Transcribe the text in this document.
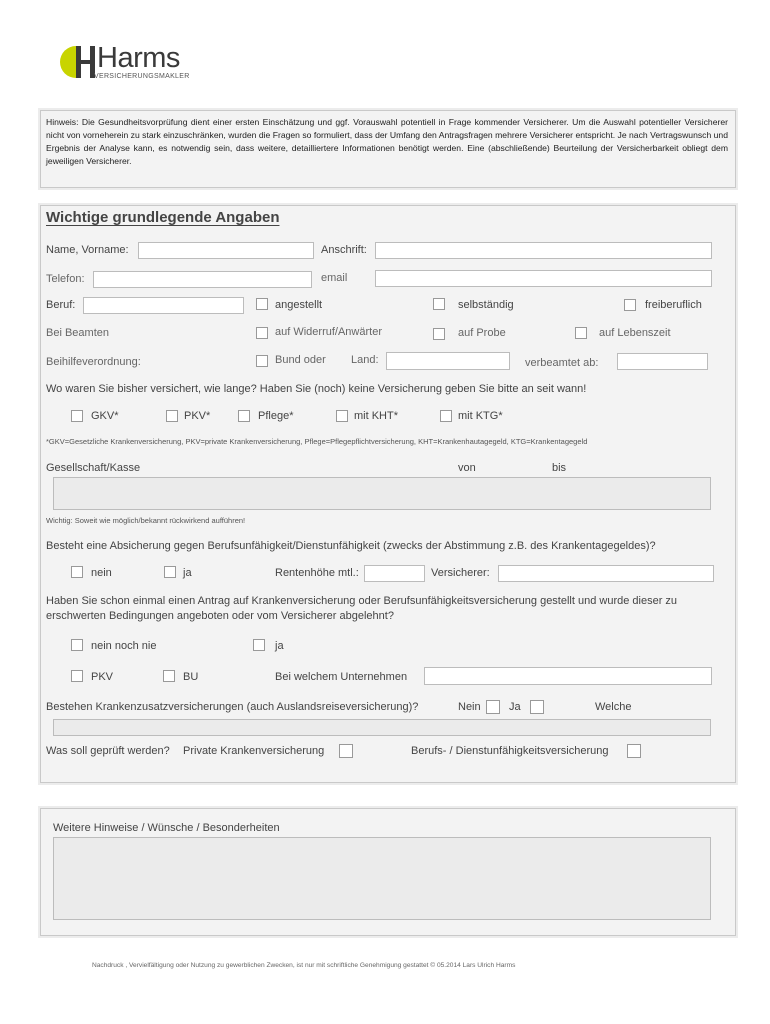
Harms
VERSICHERUNGSMAKLER
Hinweis: Die Gesundheitsvorprüfung dient einer ersten Einschätzung und ggf. Vorauswahl potentiell in Frage kommender Versicherer. Um die Auswahl potentieller Versicherer nicht von vorneherein zu stark einzuschränken, wurden die Fragen so formuliert, dass der Umfang den Antragsfragen mehrere Versicherer entspricht. Je nach Vertragswunsch und Ergebnis der Analyse kann, es notwendig sein, dass weitere, detailliertere Informationen benötigt werden. Eine (abschließende) Beurteilung der Versicherbarkeit obliegt dem jeweiligen Versicherer.
Wichtige grundlegende Angaben
Name, Vorname:	Anschrift:
Telefon:	email
Beruf:	angestellt	selbständig	freiberuflich
Bei Beamten	auf Widerruf/Anwärter	auf Probe	auf Lebenszeit
Beihilfeverordnung:	Bund oder Land:	verbeamtet ab:
Wo waren Sie bisher versichert, wie lange? Haben Sie (noch) keine Versicherung geben Sie bitte an seit wann!
GKV*	PKV*	Pflege*	mit KHT*	mit KTG*
*GKV=Gesetzliche Krankenversicherung, PKV=private Krankenversicherung, Pflege=Pflegepflichtversicherung, KHT=Krankenhautagegeld, KTG=Krankentagegeld
Gesellschaft/Kasse	von	bis
Wichtig: Soweit wie möglich/bekannt rückwirkend aufführen!
Besteht eine Absicherung gegen Berufsunfähigkeit/Dienstunfähigkeit (zwecks der Abstimmung z.B. des Krankentagegeldes)?
nein	ja	Rentenhöhe mtl.:	Versicherer:
Haben Sie schon einmal einen Antrag auf Krankenversicherung oder Berufsunfähigkeitsversicherung gestellt und wurde dieser zu erschwerten Bedingungen angeboten oder vom Versicherer abgelehnt?
nein noch nie	ja
PKV	BU	Bei welchem Unternehmen
Bestehen Krankenzusatzversicherungen (auch Auslandsreiseversicherung)?	Nein	Ja	Welche
Was soll geprüft werden? Private Krankenversicherung	Berufs- / Dienstunfähigkeitsversicherung
Weitere Hinweise / Wünsche / Besonderheiten
Nachdruck , Vervielfältigung oder Nutzung zu gewerblichen Zwecken, ist nur mit schriftliche Genehmigung gestattet © 05.2014 Lars Ulrich Harms
